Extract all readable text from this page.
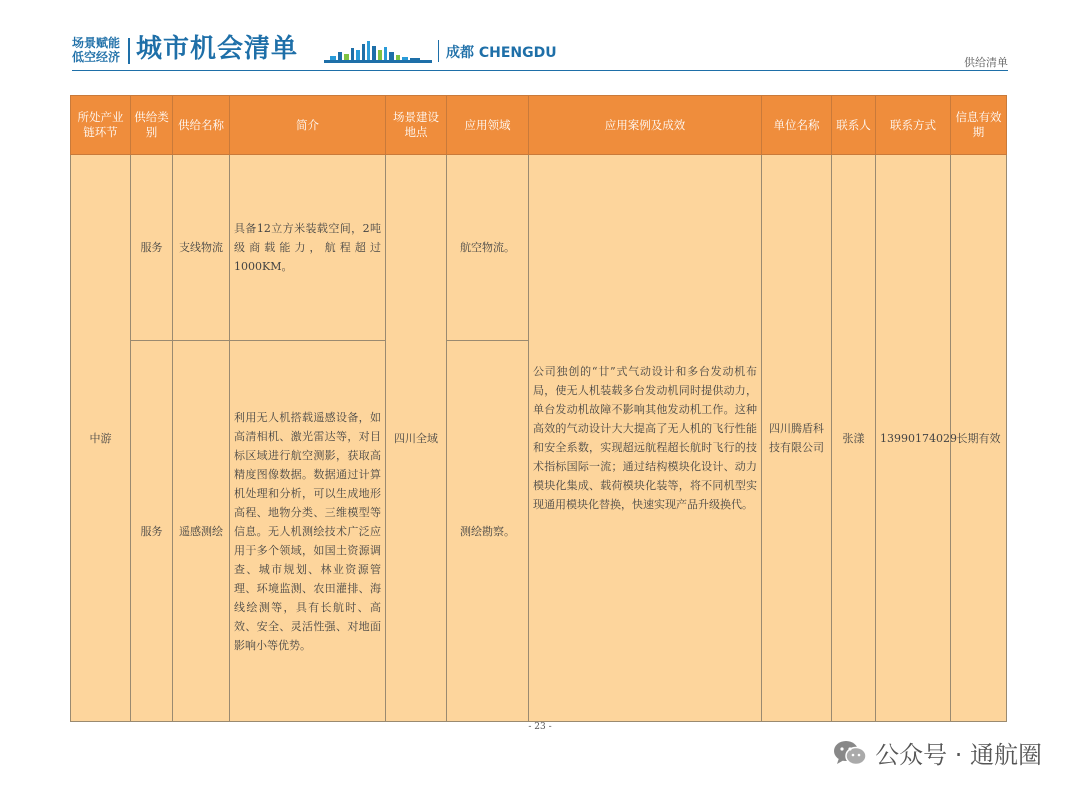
场景赋能
低空经济 城市机会清单	成都 CHENGDU
供给清单
所处产业链环节	供给类别	供给名称	简介	场景建设地点	应用领域	应用案例及成效	单位名称	联系人	联系方式	信息有效期
中游	服务	支线物流	具备12立方米装载空间，2吨级商载能力，航程超过1000KM。	四川全域	航空物流。	公司独创的“廿”式气动设计和多台发动机布局，使无人机装载多台发动机同时提供动力，单台发动机故障不影响其他发动机工作。这种高效的气动设计大大提高了无人机的飞行性能和安全系数，实现超远航程超长航时飞行的技术指标国际一流；通过结构模块化设计、动力模块化集成、载荷模块化装等，将不同机型实现通用模块化替换，快速实现产品升级换代。	四川腾盾科技有限公司	张漾	13990174029	长期有效
	服务	遥感测绘	利用无人机搭载遥感设备，如高清相机、激光雷达等，对目标区域进行航空测影，获取高精度图像数据。数据通过计算机处理和分析，可以生成地形高程、地物分类、三维模型等信息。无人机测绘技术广泛应用于多个领域，如国土资源调查、城市规划、林业资源管理、环境监测、农田灌排、海线绘测等，具有长航时、高效、安全、灵活性强、对地面影响小等优势。		测绘勘察。					
- 23 -
公众号 · 通航圈
